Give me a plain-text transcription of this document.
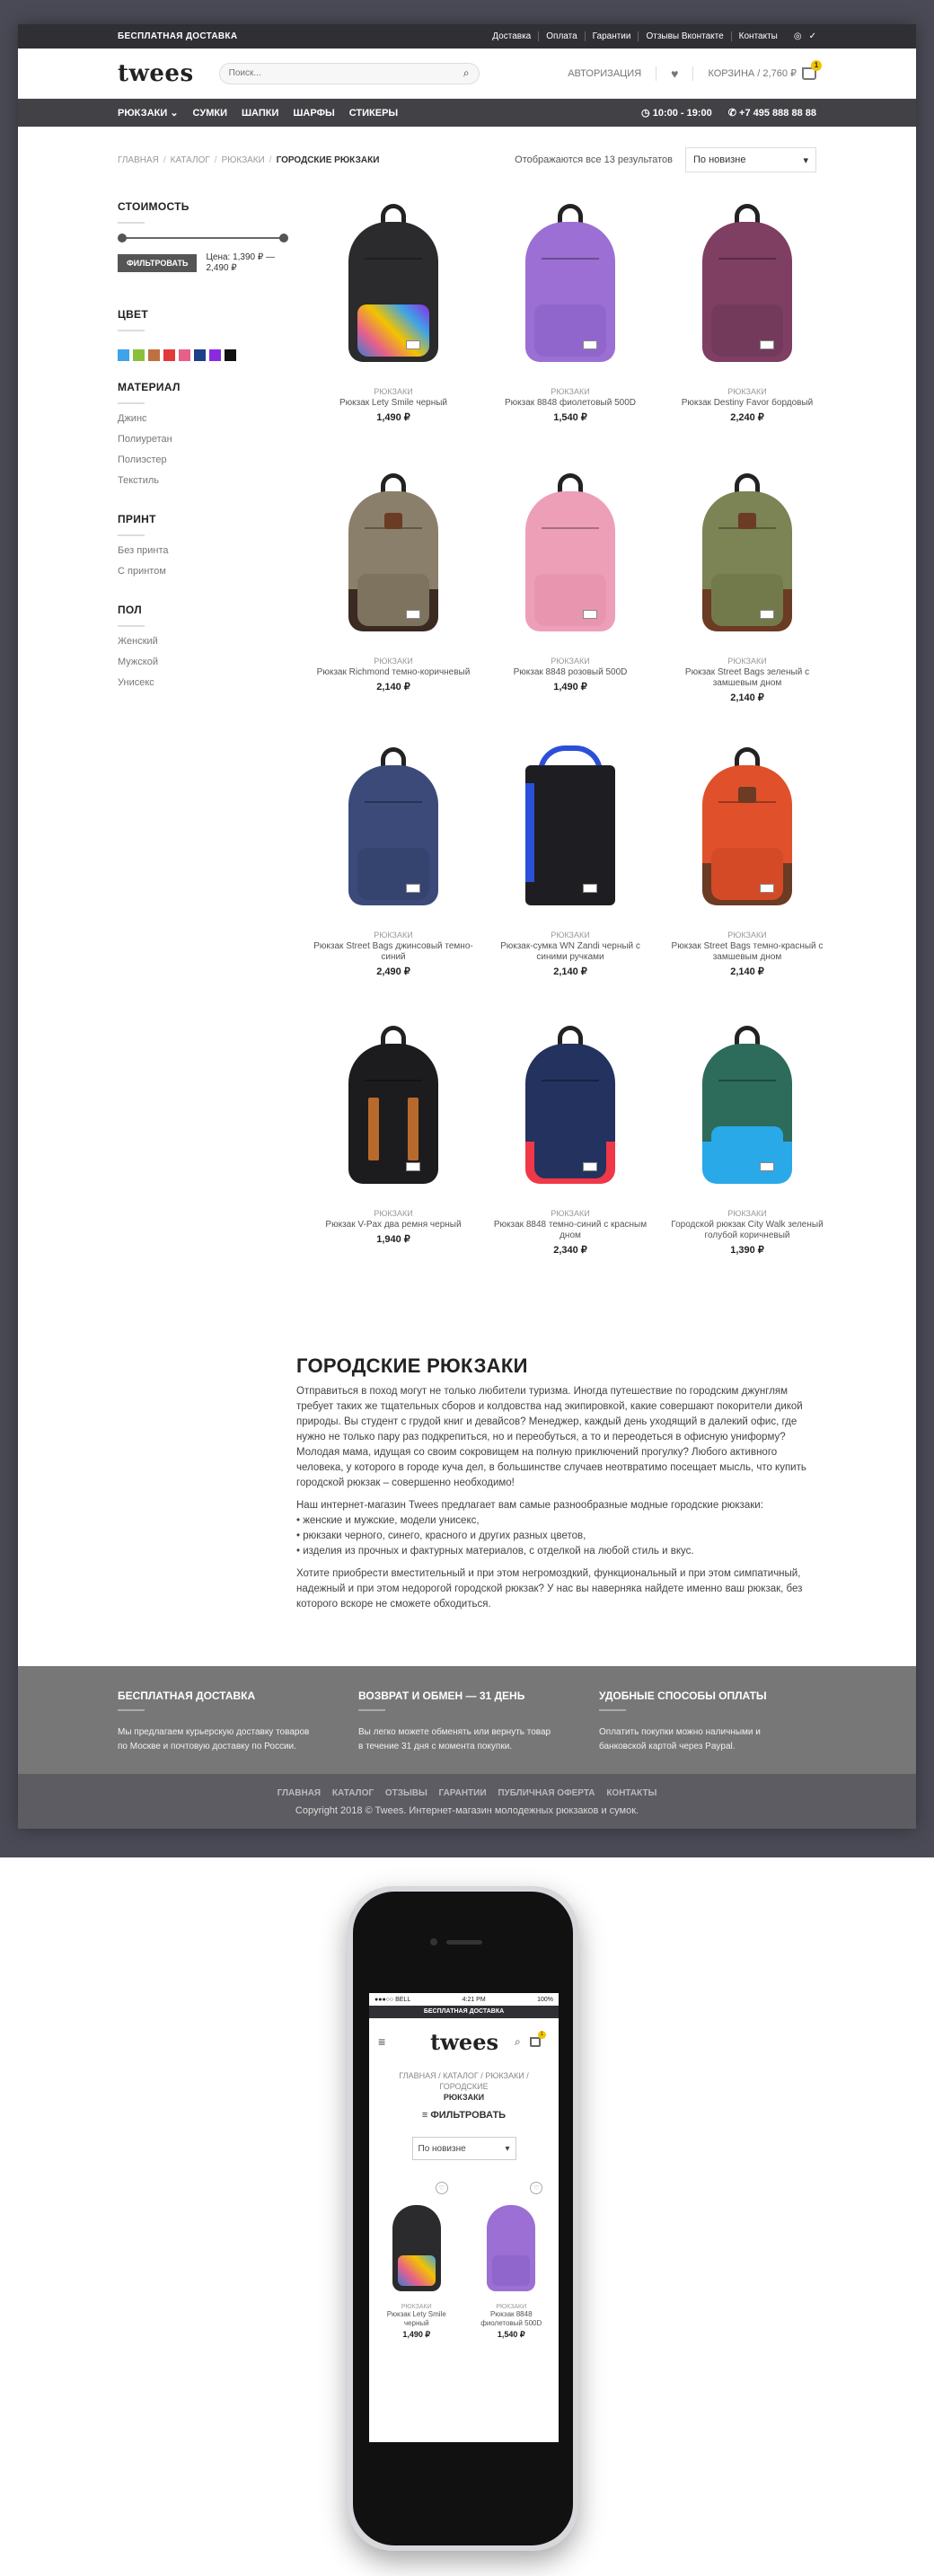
БЕСПЛАТНАЯ ДОСТАВКА	Доставка	Оплата	Гарантии	Отзывы Вконтакте	Контакты	◎ ✓
twees
Поиск...	⌕	АВТОРИЗАЦИЯ ♥	КОРЗИНА / 2,760 ₽
1
РЮКЗАКИ ⌄ СУМКИ ШАПКИ ШАРФЫ СТИКЕРЫ	◷ 10:00 - 19:00 ✆ +7 495 888 88 88
ГЛАВНАЯ / КАТАЛОГ / РЮКЗАКИ / ГОРОДСКИЕ РЮКЗАКИ	Отображаются все 13 результатов По новизне	▾
СТОИМОСТЬ
ФИЛЬТРОВАТЬ
Цена: 1,390 ₽ — 2,490 ₽
ЦВЕТ
МАТЕРИАЛ
Джинс
Полиуретан
Полиэстер
Текстиль
ПРИНТ
Без принта
С принтом
ПОЛ
Женский
Мужской
Унисекс
РЮКЗАКИ
Рюкзак Lety Smile черный
1,490 ₽
РЮКЗАКИ
Рюкзак 8848 фиолетовый 500D
1,540 ₽
РЮКЗАКИ
Рюкзак Destiny Favor бордовый
2,240 ₽
РЮКЗАКИ
Рюкзак Richmond темно-коричневый
2,140 ₽
РЮКЗАКИ
Рюкзак 8848 розовый 500D
1,490 ₽
РЮКЗАКИ
Рюкзак Street Bags зеленый с замшевым дном
2,140 ₽
РЮКЗАКИ
Рюкзак Street Bags джинсовый темно-синий
2,490 ₽
РЮКЗАКИ
Рюкзак-сумка WN Zandi черный с синими ручками
2,140 ₽
РЮКЗАКИ
Рюкзак Street Bags темно-красный с замшевым дном
2,140 ₽
РЮКЗАКИ
Рюкзак V-Pax два ремня черный
1,940 ₽
РЮКЗАКИ
Рюкзак 8848 темно-синий с красным дном
2,340 ₽
РЮКЗАКИ
Городской рюкзак City Walk зеленый голубой коричневый
1,390 ₽
ГОРОДСКИЕ РЮКЗАКИ

Отправиться в поход могут не только любители туризма. Иногда путешествие по городским джунглям требует таких же тщательных сборов и колдовства над экипировкой, какие совершают покорители дикой природы. Вы студент с грудой книг и девайсов? Менеджер, каждый день уходящий в далекий офис, где нужно не только пару раз подкрепиться, но и переобуться, а то и переодеться в офисную униформу? Молодая мама, идущая со своим сокровищем на полную приключений прогулку? Любого активного человека, у которого в городе куча дел, в большинстве случаев неотвратимо посещает мысль, что купить городской рюкзак – совершенно необходимо!

Наш интернет-магазин Twees предлагает вам самые разнообразные модные городские рюкзаки:
• женские и мужские, модели унисекс,
• рюкзаки черного, синего, красного и других разных цветов,
• изделия из прочных и фактурных материалов, с отделкой на любой стиль и вкус.

Хотите приобрести вместительный и при этом негромоздкий, функциональный и при этом симпатичный, надежный и при этом недорогой городской рюкзак? У нас вы наверняка найдете именно ваш рюкзак, без которого вскоре не сможете обходиться.

БЕСПЛАТНАЯ ДОСТАВКА

Мы предлагаем курьерскую доставку товаров по Москве и почтовую доставку по России.

ВОЗВРАТ И ОБМЕН — 31 ДЕНЬ

Вы легко можете обменять или вернуть товар в течение 31 дня с момента покупки.

УДОБНЫЕ СПОСОБЫ ОПЛАТЫ

Оплатить покупки можно наличными и банковской картой через Paypal.

ГЛАВНАЯ КАТАЛОГ ОТЗЫВЫ ГАРАНТИИ ПУБЛИЧНАЯ ОФЕРТА КОНТАКТЫ
Copyright 2018 © Twees. Интернет-магазин молодежных рюкзаков и сумок.
●●●○○ BELL	4:21 PM	100%
БЕСПЛАТНАЯ ДОСТАВКА
≡ twees ⌕
1
ГЛАВНАЯ / КАТАЛОГ / РЮКЗАКИ / ГОРОДСКИЕ
РЮКЗАКИ
≡ ФИЛЬТРОВАТЬ
По новизне	▾
♡
РЮКЗАКИ
Рюкзак Lety Smile черный
1,490 ₽
♡
РЮКЗАКИ
Рюкзак 8848 фиолетовый 500D
1,540 ₽
